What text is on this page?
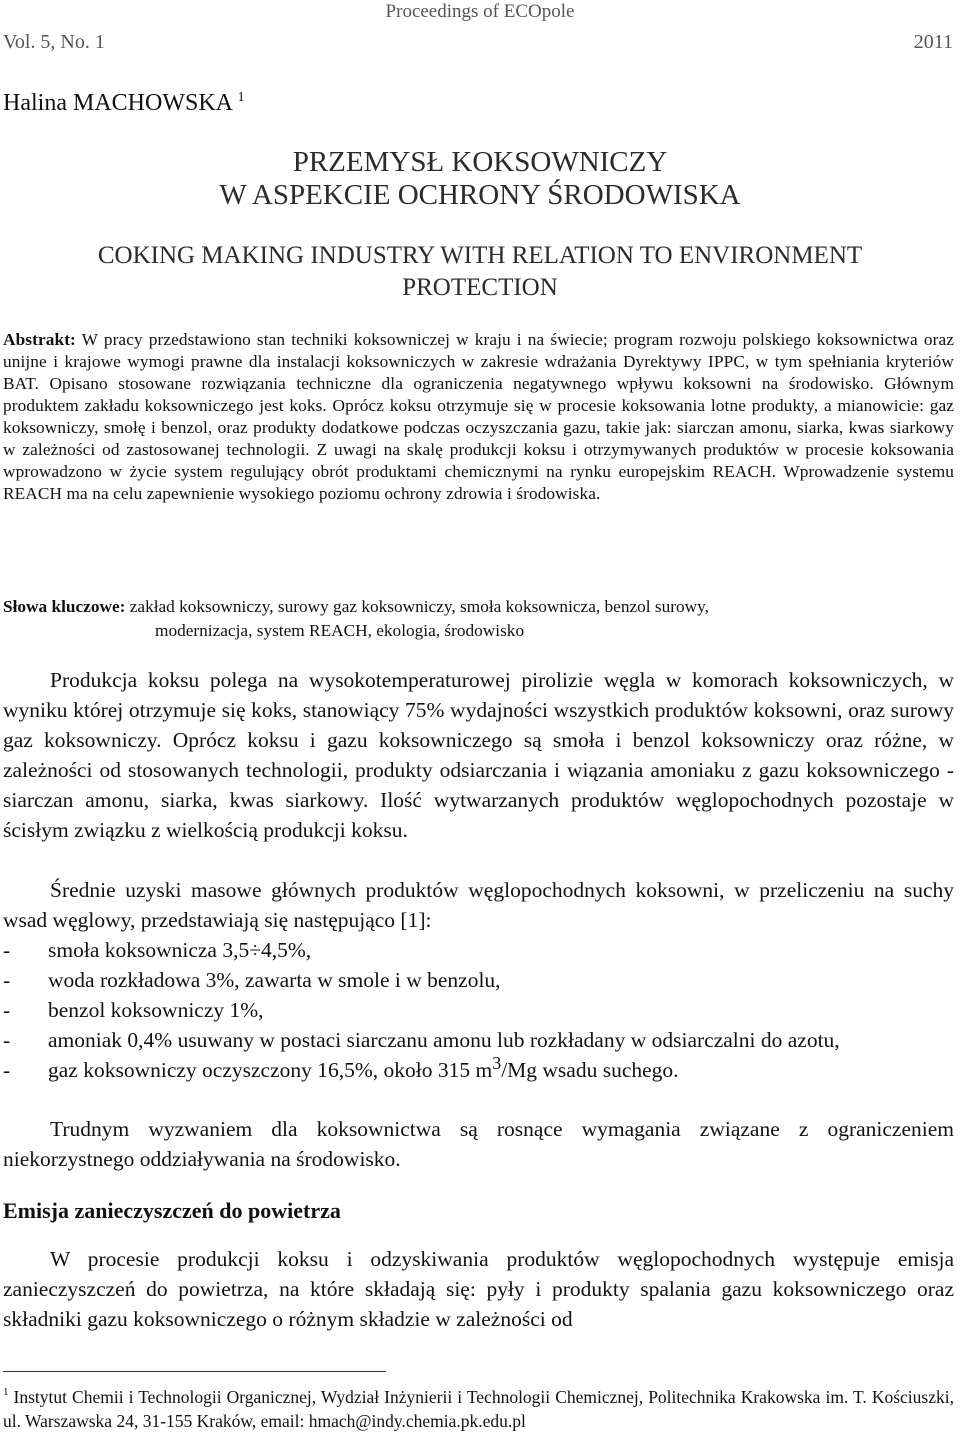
Proceedings of ECOpole
Vol. 5, No. 1	2011
Halina MACHOWSKA $^1$
PRZEMYSŁ KOKSOWNICZY
W ASPEKCIE OCHRONY ŚRODOWISKA
COKING MAKING INDUSTRY WITH RELATION TO ENVIRONMENT
PROTECTION
Abstrakt: W pracy przedstawiono stan techniki koksowniczej w kraju i na świecie; program rozwoju polskiego koksownictwa oraz unijne i krajowe wymogi prawne dla instalacji koksowniczych w zakresie wdrażania Dyrektywy IPPC, w tym spełniania kryteriów BAT. Opisano stosowane rozwiązania techniczne dla ograniczenia negatywnego wpływu koksowni na środowisko. Głównym produktem zakładu koksowniczego jest koks. Oprócz koksu otrzymuje się w procesie koksowania lotne produkty, a mianowicie: gaz koksowniczy, smołę i benzol, oraz produkty dodatkowe podczas oczyszczania gazu, takie jak: siarczan amonu, siarka, kwas siarkowy w zależności od zastosowanej technologii. Z uwagi na skalę produkcji koksu i otrzymywanych produktów w procesie koksowania wprowadzono w życie system regulujący obrót produktami chemicznymi na rynku europejskim REACH. Wprowadzenie systemu REACH ma na celu zapewnienie wysokiego poziomu ochrony zdrowia i środowiska.
Słowa kluczowe: zakład koksowniczy, surowy gaz koksowniczy, smoła koksownicza, benzol surowy,
modernizacja, system REACH, ekologia, środowisko
Produkcja koksu polega na wysokotemperaturowej pirolizie węgla w komorach koksowniczych, w wyniku której otrzymuje się koks, stanowiący 75% wydajności wszystkich produktów koksowni, oraz surowy gaz koksowniczy. Oprócz koksu i gazu koksowniczego są smoła i benzol koksowniczy oraz różne, w zależności od stosowanych technologii, produkty odsiarczania i wiązania amoniaku z gazu koksowniczego - siarczan amonu, siarka, kwas siarkowy. Ilość wytwarzanych produktów węglopochodnych pozostaje w ścisłym związku z wielkością produkcji koksu.
Średnie uzyski masowe głównych produktów węglopochodnych koksowni, w przeliczeniu na suchy wsad węglowy, przedstawiają się następująco [1]:
-	smoła koksownicza 3,5÷4,5%,
-	woda rozkładowa 3%, zawarta w smole i w benzolu,
-	benzol koksowniczy 1%,
-	amoniak 0,4% usuwany w postaci siarczanu amonu lub rozkładany w odsiarczalni do azotu,
-	gaz koksowniczy oczyszczony 16,5%, około 315 $m^3/Mg$ wsadu suchego.
Trudnym wyzwaniem dla koksownictwa są rosnące wymagania związane z ograniczeniem niekorzystnego oddziaływania na środowisko.
Emisja zanieczyszczeń do powietrza
W procesie produkcji koksu i odzyskiwania produktów węglopochodnych występuje emisja zanieczyszczeń do powietrza, na które składają się: pyły i produkty spalania gazu koksowniczego oraz składniki gazu koksowniczego o różnym składzie w zależności od
$^1$ Instytut Chemii i Technologii Organicznej, Wydział Inżynierii i Technologii Chemicznej, Politechnika Krakowska im. T. Kościuszki, ul. Warszawska 24, 31-155 Kraków, email: hmach@indy.chemia.pk.edu.pl
